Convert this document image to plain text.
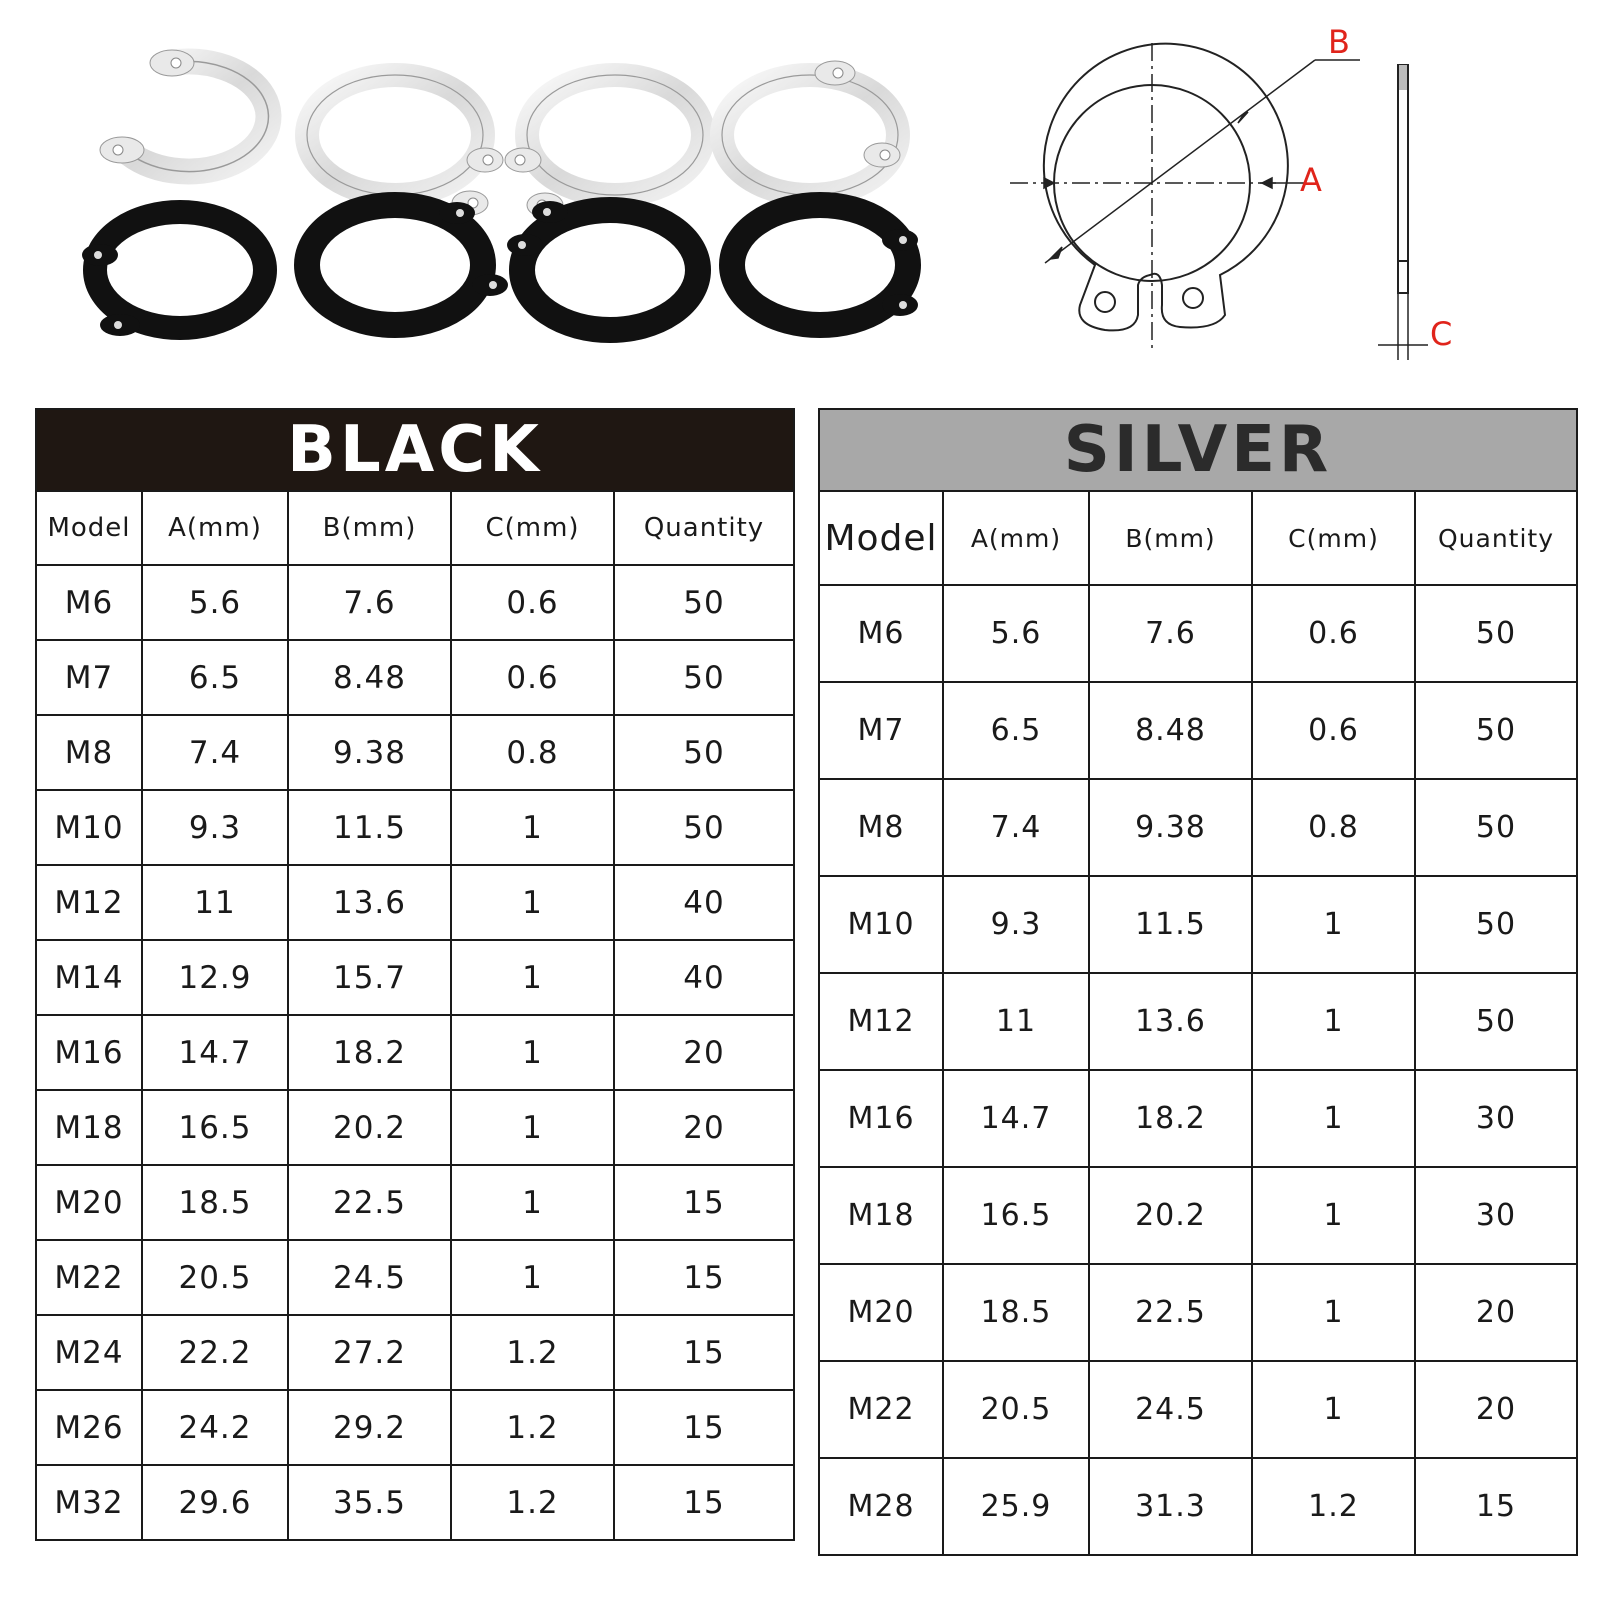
B
A
C
BLACK				
Model	A(mm)	B(mm)	C(mm)	Quantity
M6	5.6	7.6	0.6	50
M7	6.5	8.48	0.6	50
M8	7.4	9.38	0.8	50
M10	9.3	11.5	1	50
M12	11	13.6	1	40
M14	12.9	15.7	1	40
M16	14.7	18.2	1	20
M18	16.5	20.2	1	20
M20	18.5	22.5	1	15
M22	20.5	24.5	1	15
M24	22.2	27.2	1.2	15
M26	24.2	29.2	1.2	15
M32	29.6	35.5	1.2	15
SILVER				
Model	A(mm)	B(mm)	C(mm)	Quantity
M6	5.6	7.6	0.6	50
M7	6.5	8.48	0.6	50
M8	7.4	9.38	0.8	50
M10	9.3	11.5	1	50
M12	11	13.6	1	50
M16	14.7	18.2	1	30
M18	16.5	20.2	1	30
M20	18.5	22.5	1	20
M22	20.5	24.5	1	20
M28	25.9	31.3	1.2	15
